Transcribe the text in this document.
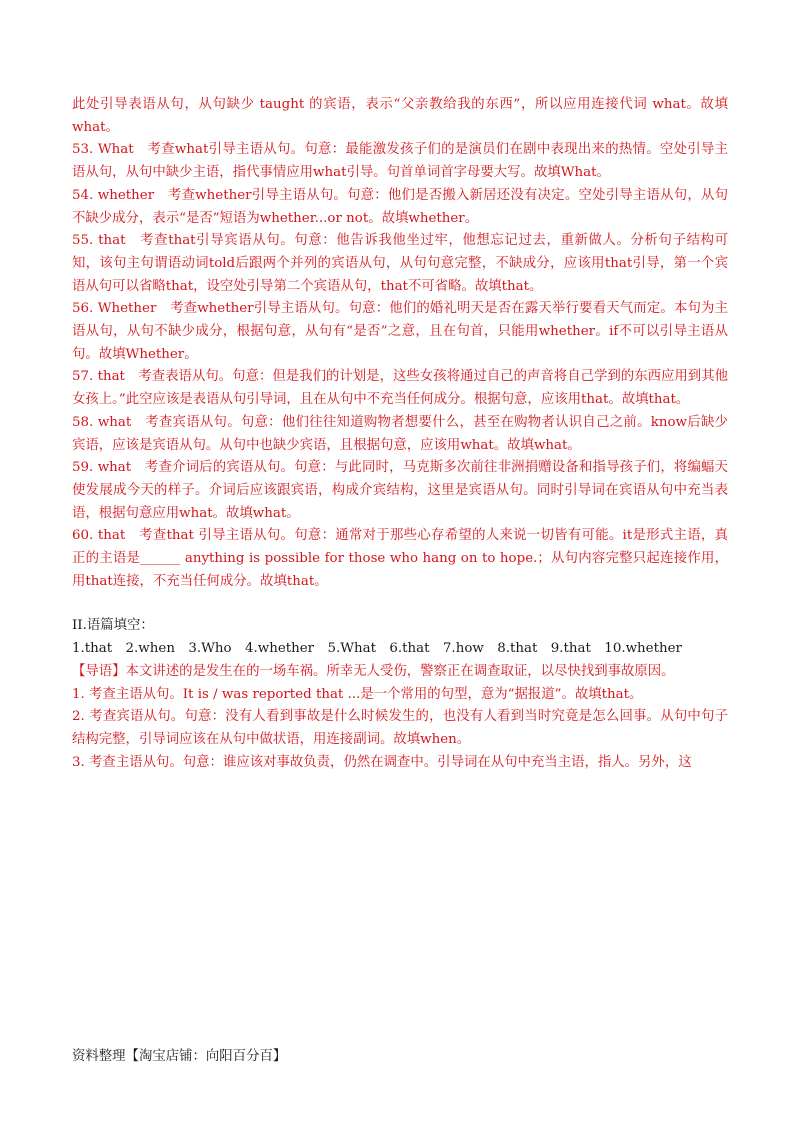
此处引导表语从句，从句缺少 taught 的宾语，表示“父亲教给我的东西”，所以应用连接代词 what。故填what。

53. What　考查what引导主语从句。句意：最能激发孩子们的是演员们在剧中表现出来的热情。空处引导主语从句，从句中缺少主语，指代事情应用what引导。句首单词首字母要大写。故填What。

54. whether　考查whether引导主语从句。句意：他们是否搬入新居还没有决定。空处引导主语从句，从句不缺少成分，表示“是否”短语为whether...or not。故填whether。

55. that　考查that引导宾语从句。句意：他告诉我他坐过牢，他想忘记过去，重新做人。分析句子结构可知，该句主句谓语动词told后跟两个并列的宾语从句，从句句意完整，不缺成分，应该用that引导，第一个宾语从句可以省略that，设空处引导第二个宾语从句，that不可省略。故填that。

56. Whether　考查whether引导主语从句。句意：他们的婚礼明天是否在露天举行要看天气而定。本句为主语从句，从句不缺少成分，根据句意，从句有“是否”之意，且在句首，只能用whether。if不可以引导主语从句。故填Whether。

57. that　考查表语从句。句意：但是我们的计划是，这些女孩将通过自己的声音将自己学到的东西应用到其他女孩上。”此空应该是表语从句引导词，且在从句中不充当任何成分。根据句意，应该用that。故填that。

58. what　考查宾语从句。句意：他们往往知道购物者想要什么，甚至在购物者认识自己之前。know后缺少宾语，应该是宾语从句。从句中也缺少宾语，且根据句意，应该用what。故填what。

59. what　考查介词后的宾语从句。句意：与此同时，马克斯多次前往非洲捐赠设备和指导孩子们，将编蝠天使发展成今天的样子。介词后应该跟宾语，构成介宾结构，这里是宾语从句。同时引导词在宾语从句中充当表语，根据句意应用what。故填what。

60. that　考查that 引导主语从句。句意：通常对于那些心存希望的人来说一切皆有可能。it是形式主语，真正的主语是______ anything is possible for those who hang on to hope.；从句内容完整只起连接作用，用that连接，不充当任何成分。故填that。

II.语篇填空：

1.that　2.when　3.Who　4.whether　5.What　6.that　7.how　8.that　9.that　10.whether

【导语】本文讲述的是发生在的一场车祸。所幸无人受伤，警察正在调查取证，以尽快找到事故原因。

1. 考查主语从句。It is / was reported that ...是一个常用的句型，意为“据报道”。故填that。

2. 考查宾语从句。句意：没有人看到事故是什么时候发生的，也没有人看到当时究竟是怎么回事。从句中句子结构完整，引导词应该在从句中做状语，用连接副词。故填when。

3. 考查主语从句。句意：谁应该对事故负责，仍然在调查中。引导词在从句中充当主语，指人。另外，这

资料整理【淘宝店铺：向阳百分百】
